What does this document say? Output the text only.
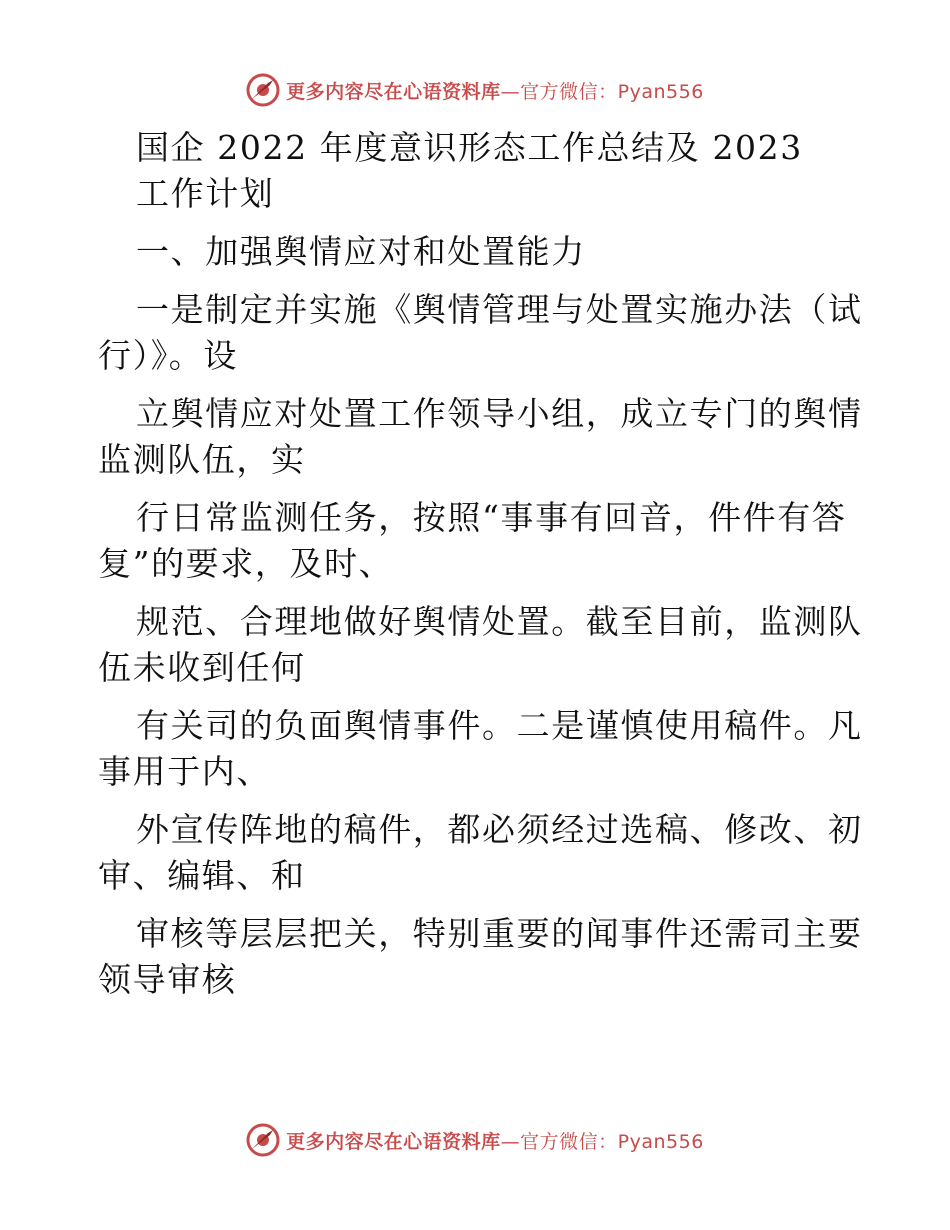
更多内容尽在心语资料库—官方微信：Pyan556

国企 2022 年度意识形态工作总结及 2023

工作计划

一、加强舆情应对和处置能力

一是制定并实施《舆情管理与处置实施办法（试

行）》。设

立舆情应对处置工作领导小组，成立专门的舆情

监测队伍，实

行日常监测任务，按照“事事有回音，件件有答

复”的要求，及时、

规范、合理地做好舆情处置。截至目前，监测队

伍未收到任何

有关司的负面舆情事件。二是谨慎使用稿件。凡

事用于内、

外宣传阵地的稿件，都必须经过选稿、修改、初

审、编辑、和

审核等层层把关，特别重要的闻事件还需司主要

领导审核

更多内容尽在心语资料库—官方微信：Pyan556
